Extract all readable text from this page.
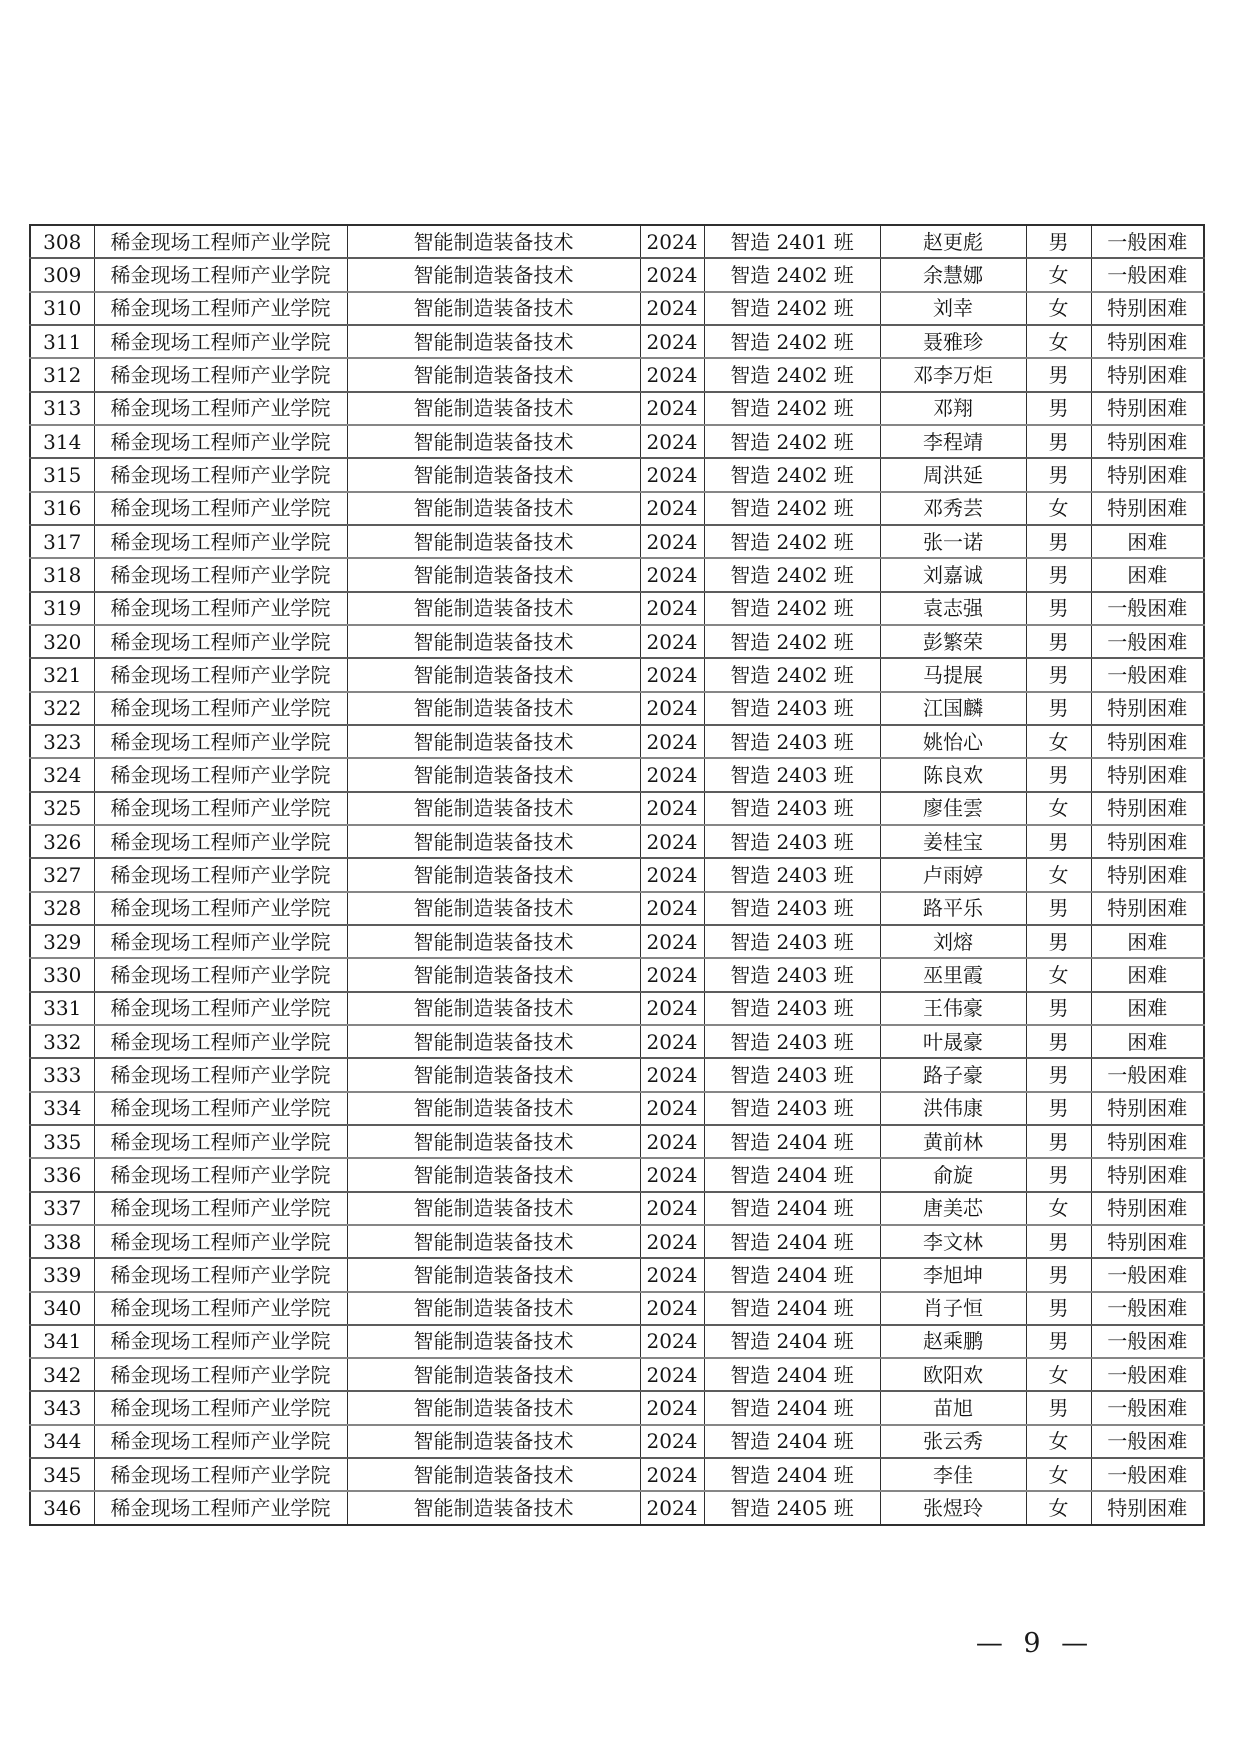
308	稀金现场工程师产业学院	智能制造装备技术	2024	智造 2401 班	赵更彪	男	一般困难
309	稀金现场工程师产业学院	智能制造装备技术	2024	智造 2402 班	余慧娜	女	一般困难
310	稀金现场工程师产业学院	智能制造装备技术	2024	智造 2402 班	刘幸	女	特别困难
311	稀金现场工程师产业学院	智能制造装备技术	2024	智造 2402 班	聂雅珍	女	特别困难
312	稀金现场工程师产业学院	智能制造装备技术	2024	智造 2402 班	邓李万炬	男	特别困难
313	稀金现场工程师产业学院	智能制造装备技术	2024	智造 2402 班	邓翔	男	特别困难
314	稀金现场工程师产业学院	智能制造装备技术	2024	智造 2402 班	李程靖	男	特别困难
315	稀金现场工程师产业学院	智能制造装备技术	2024	智造 2402 班	周洪延	男	特别困难
316	稀金现场工程师产业学院	智能制造装备技术	2024	智造 2402 班	邓秀芸	女	特别困难
317	稀金现场工程师产业学院	智能制造装备技术	2024	智造 2402 班	张一诺	男	困难
318	稀金现场工程师产业学院	智能制造装备技术	2024	智造 2402 班	刘嘉诚	男	困难
319	稀金现场工程师产业学院	智能制造装备技术	2024	智造 2402 班	袁志强	男	一般困难
320	稀金现场工程师产业学院	智能制造装备技术	2024	智造 2402 班	彭繁荣	男	一般困难
321	稀金现场工程师产业学院	智能制造装备技术	2024	智造 2402 班	马提展	男	一般困难
322	稀金现场工程师产业学院	智能制造装备技术	2024	智造 2403 班	江国麟	男	特别困难
323	稀金现场工程师产业学院	智能制造装备技术	2024	智造 2403 班	姚怡心	女	特别困难
324	稀金现场工程师产业学院	智能制造装备技术	2024	智造 2403 班	陈良欢	男	特别困难
325	稀金现场工程师产业学院	智能制造装备技术	2024	智造 2403 班	廖佳雲	女	特别困难
326	稀金现场工程师产业学院	智能制造装备技术	2024	智造 2403 班	姜桂宝	男	特别困难
327	稀金现场工程师产业学院	智能制造装备技术	2024	智造 2403 班	卢雨婷	女	特别困难
328	稀金现场工程师产业学院	智能制造装备技术	2024	智造 2403 班	路平乐	男	特别困难
329	稀金现场工程师产业学院	智能制造装备技术	2024	智造 2403 班	刘熔	男	困难
330	稀金现场工程师产业学院	智能制造装备技术	2024	智造 2403 班	巫里霞	女	困难
331	稀金现场工程师产业学院	智能制造装备技术	2024	智造 2403 班	王伟豪	男	困难
332	稀金现场工程师产业学院	智能制造装备技术	2024	智造 2403 班	叶晟豪	男	困难
333	稀金现场工程师产业学院	智能制造装备技术	2024	智造 2403 班	路子豪	男	一般困难
334	稀金现场工程师产业学院	智能制造装备技术	2024	智造 2403 班	洪伟康	男	特别困难
335	稀金现场工程师产业学院	智能制造装备技术	2024	智造 2404 班	黄前林	男	特别困难
336	稀金现场工程师产业学院	智能制造装备技术	2024	智造 2404 班	俞旋	男	特别困难
337	稀金现场工程师产业学院	智能制造装备技术	2024	智造 2404 班	唐美芯	女	特别困难
338	稀金现场工程师产业学院	智能制造装备技术	2024	智造 2404 班	李文林	男	特别困难
339	稀金现场工程师产业学院	智能制造装备技术	2024	智造 2404 班	李旭坤	男	一般困难
340	稀金现场工程师产业学院	智能制造装备技术	2024	智造 2404 班	肖子恒	男	一般困难
341	稀金现场工程师产业学院	智能制造装备技术	2024	智造 2404 班	赵乘鹏	男	一般困难
342	稀金现场工程师产业学院	智能制造装备技术	2024	智造 2404 班	欧阳欢	女	一般困难
343	稀金现场工程师产业学院	智能制造装备技术	2024	智造 2404 班	苗旭	男	一般困难
344	稀金现场工程师产业学院	智能制造装备技术	2024	智造 2404 班	张云秀	女	一般困难
345	稀金现场工程师产业学院	智能制造装备技术	2024	智造 2404 班	李佳	女	一般困难
346	稀金现场工程师产业学院	智能制造装备技术	2024	智造 2405 班	张煜玲	女	特别困难
— 9 —
